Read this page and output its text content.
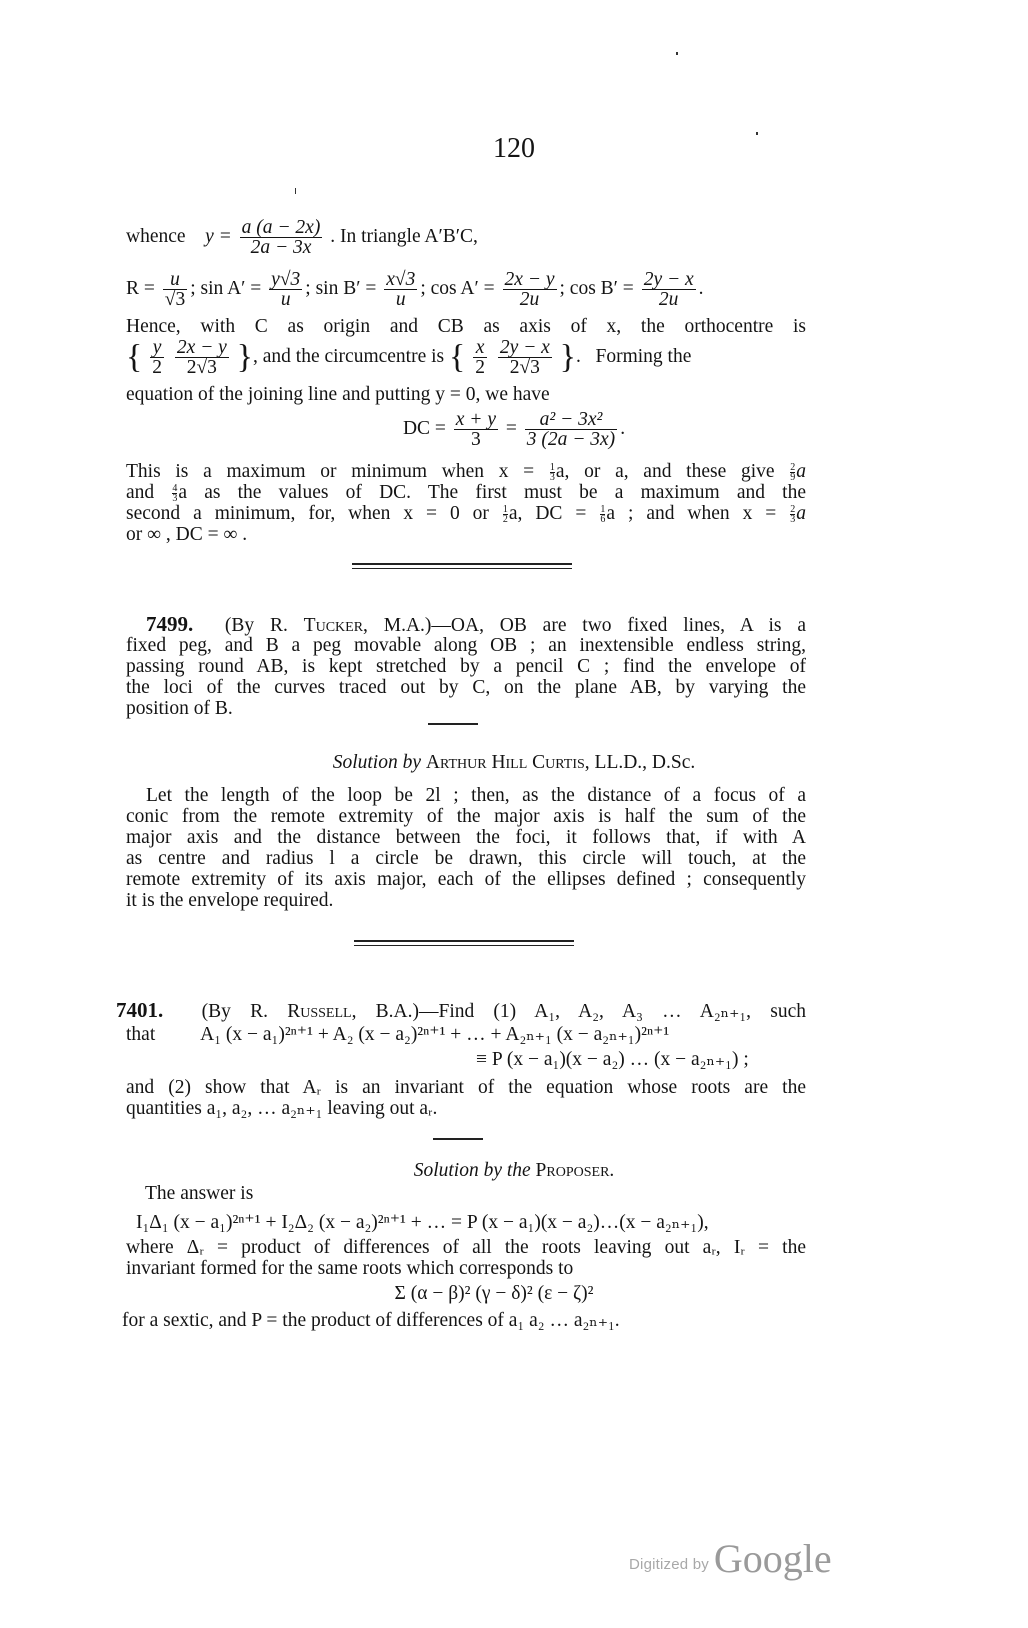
120
whence $y = \frac{a (a - 2x)}{2a - 3x}$ . In triangle A′B′C,
$R = \frac{u}{√3}$ ; $\sin A' = \frac{y√3}{u}$ ; $\sin B' = \frac{x√3}{u}$ ; $\cos A' = \frac{2x - y}{2u}$ ; $\cos B' = \frac{2y - x}{2u}$ .
Hence, with C as origin and CB as axis of x, the orthocentre is
{ $\frac{y}{2}$
$\frac{2x - y}{2√3}$ }, and the circumcentre is { $\frac{x}{2}$
$\frac{2y - x}{2√3}$ }.   Forming the
equation of the joining line and putting y = 0, we have
DC = $\frac{x + y}{3} = \frac{\text{a² − 3x²}}{3 (2a - 3x)}$ .
This is a maximum or minimum when $x = \frac{1}{3} a$, or a, and these give $\frac{2}{9}$ a
and $\frac{4}{3}$ a as the values of DC. The first must be a maximum and the
second a minimum, for, when x = 0 or $\frac{1}{2} a$, DC = $\frac{1}{6}$ a ; and when $x = \frac{2}{3}$ a
or ∞ , DC = ∞ .
7499. (By R. Tucker, M.A.)—OA, OB are two fixed lines, A is a
fixed peg, and B a peg movable along OB ; an inextensible endless string,
passing round AB, is kept stretched by a pencil C ; find the envelope of
the loci of the curves traced out by C, on the plane AB, by varying the
position of B.
Solution by Arthur Hill Curtis, LL.D., D.Sc.
Let the length of the loop be 2l ; then, as the distance of a focus of a
conic from the remote extremity of the major axis is half the sum of the
major axis and the distance between the foci, it follows that, if with A
as centre and radius l a circle be drawn, this circle will touch, at the
remote extremity of its axis major, each of the ellipses defined ; consequently
it is the envelope required.
7401. (By R. Russell, B.A.)—Find (1) A₁, A₂, A₃ … A₂ₙ₊₁, such
that A₁ (x − a₁)²ⁿ⁺¹ + A₂ (x − a₂)²ⁿ⁺¹ + … + A₂ₙ₊₁ (x − a₂ₙ₊₁)²ⁿ⁺¹
≡ P (x − a₁)(x − a₂) … (x − a₂ₙ₊₁) ;
and (2) show that Aᵣ is an invariant of the equation whose roots are the
quantities a₁, a₂, … a₂ₙ₊₁ leaving out aᵣ.
Solution by the Proposer.
The answer is
I₁Δ₁ (x − a₁)²ⁿ⁺¹ + I₂Δ₂ (x − a₂)²ⁿ⁺¹ + … = P (x − a₁)(x − a₂)…(x − a₂ₙ₊₁),
where Δᵣ = product of differences of all the roots leaving out aᵣ, Iᵣ = the
invariant formed for the same roots which corresponds to
Σ (α − β)² (γ − δ)² (ε − ζ)²
for a sextic, and P = the product of differences of a₁ a₂ … a₂ₙ₊₁.
Digitized by Google
